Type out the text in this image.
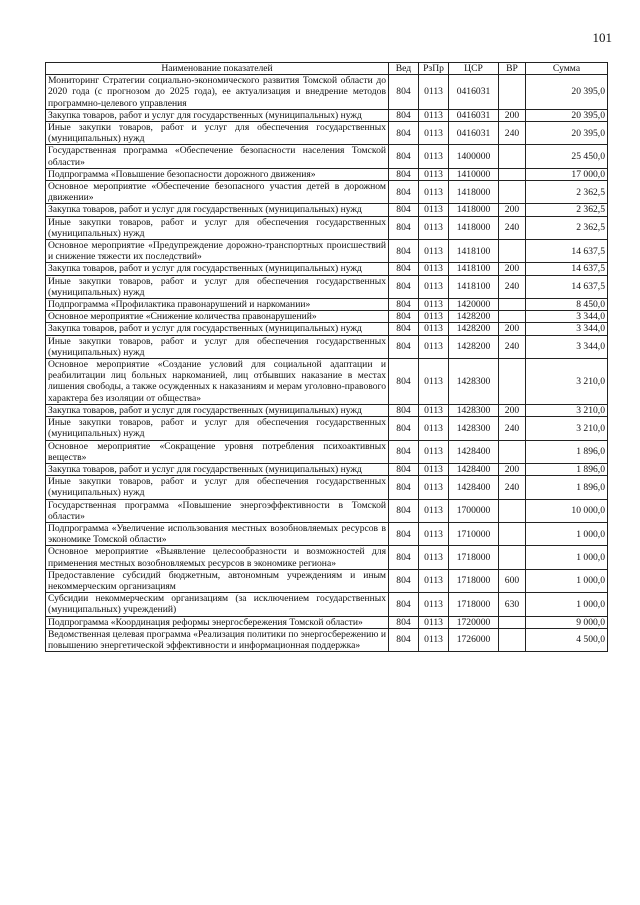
101
Наименование показателей	Вед	РзПр	ЦСР	ВР	Сумма
Мониторинг Стратегии социально-экономического развития Томской области до 2020 года (с прогнозом до 2025 года), ее актуализация и внедрение методов программно-целевого управления	804	0113	0416031		20 395,0
Закупка товаров, работ и услуг для государственных (муниципальных) нужд	804	0113	0416031	200	20 395,0
Иные закупки товаров, работ и услуг для обеспечения государственных (муниципальных) нужд	804	0113	0416031	240	20 395,0
Государственная программа «Обеспечение безопасности населения Томской области»	804	0113	1400000		25 450,0
Подпрограмма «Повышение безопасности дорожного движения»	804	0113	1410000		17 000,0
Основное мероприятие «Обеспечение безопасного участия детей в дорожном движении»	804	0113	1418000		2 362,5
Закупка товаров, работ и услуг для государственных (муниципальных) нужд	804	0113	1418000	200	2 362,5
Иные закупки товаров, работ и услуг для обеспечения государственных (муниципальных) нужд	804	0113	1418000	240	2 362,5
Основное мероприятие «Предупреждение дорожно-транспортных происшествий и снижение тяжести их последствий»	804	0113	1418100		14 637,5
Закупка товаров, работ и услуг для государственных (муниципальных) нужд	804	0113	1418100	200	14 637,5
Иные закупки товаров, работ и услуг для обеспечения государственных (муниципальных) нужд	804	0113	1418100	240	14 637,5
Подпрограмма «Профилактика правонарушений и наркомании»	804	0113	1420000		8 450,0
Основное мероприятие «Снижение количества правонарушений»	804	0113	1428200		3 344,0
Закупка товаров, работ и услуг для государственных (муниципальных) нужд	804	0113	1428200	200	3 344,0
Иные закупки товаров, работ и услуг для обеспечения государственных (муниципальных) нужд	804	0113	1428200	240	3 344,0
Основное мероприятие «Создание условий для социальной адаптации и реабилитации лиц больных наркоманией, лиц отбывших наказание в местах лишения свободы, а также осужденных к наказаниям и мерам уголовно-правового характера без изоляции от общества»	804	0113	1428300		3 210,0
Закупка товаров, работ и услуг для государственных (муниципальных) нужд	804	0113	1428300	200	3 210,0
Иные закупки товаров, работ и услуг для обеспечения государственных (муниципальных) нужд	804	0113	1428300	240	3 210,0
Основное мероприятие «Сокращение уровня потребления психоактивных веществ»	804	0113	1428400		1 896,0
Закупка товаров, работ и услуг для государственных (муниципальных) нужд	804	0113	1428400	200	1 896,0
Иные закупки товаров, работ и услуг для обеспечения государственных (муниципальных) нужд	804	0113	1428400	240	1 896,0
Государственная программа «Повышение энергоэффективности в Томской области»	804	0113	1700000		10 000,0
Подпрограмма «Увеличение использования местных возобновляемых ресурсов в экономике Томской области»	804	0113	1710000		1 000,0
Основное мероприятие «Выявление целесообразности и возможностей для применения местных возобновляемых ресурсов в экономике региона»	804	0113	1718000		1 000,0
Предоставление субсидий бюджетным, автономным учреждениям и иным некоммерческим организациям	804	0113	1718000	600	1 000,0
Субсидии некоммерческим организациям (за исключением государственных (муниципальных) учреждений)	804	0113	1718000	630	1 000,0
Подпрограмма «Координация реформы энергосбережения Томской области»	804	0113	1720000		9 000,0
Ведомственная целевая программа «Реализация политики по энергосбережению и повышению энергетической эффективности и информационная поддержка»	804	0113	1726000		4 500,0
